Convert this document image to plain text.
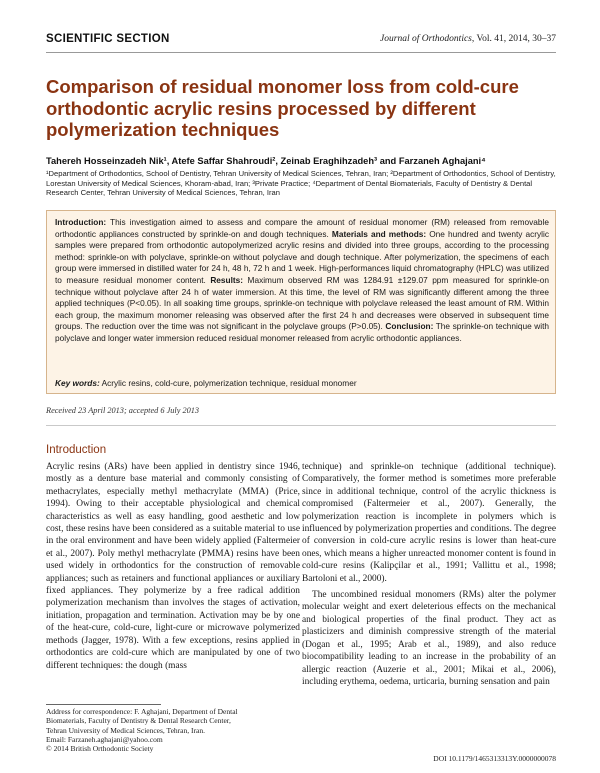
SCIENTIFIC SECTION	Journal of Orthodontics, Vol. 41, 2014, 30–37
Comparison of residual monomer loss from cold-cure orthodontic acrylic resins processed by different polymerization techniques
Tahereh Hosseinzadeh Nik¹, Atefe Saffar Shahroudi², Zeinab Eraghihzadeh³ and Farzaneh Aghajani⁴
¹Department of Orthodontics, School of Dentistry, Tehran University of Medical Sciences, Tehran, Iran; ²Department of Orthodontics, School of Dentistry, Lorestan University of Medical Sciences, Khoram-abad, Iran; ³Private Practice; ⁴Department of Dental Biomaterials, Faculty of Dentistry & Dental Research Center, Tehran University of Medical Sciences, Tehran, Iran

Introduction: This investigation aimed to assess and compare the amount of residual monomer (RM) released from removable orthodontic appliances constructed by sprinkle-on and dough techniques. Materials and methods: One hundred and twenty acrylic samples were prepared from orthodontic autopolymerized acrylic resins and divided into three groups, according to the processing method: sprinkle-on with polyclave, sprinkle-on without polyclave and dough technique. After polymerization, the specimens of each group were immersed in distilled water for 24 h, 48 h, 72 h and 1 week. High-performances liquid chromatography (HPLC) was utilized to measure residual monomer content. Results: Maximum observed RM was 1284.91 ±129.07 ppm measured for sprinkle-on technique without polyclave after 24 h of water immersion. At this time, the level of RM was significantly different among the three applied techniques (P<0.05). In all soaking time groups, sprinkle-on technique with polyclave released the least amount of RM. Within each group, the maximum monomer releasing was observed after the first 24 h and decreases were observed in subsequent time groups. The reduction over the time was not significant in the polyclave groups (P>0.05). Conclusion: The sprinkle-on technique with polyclave and longer water immersion reduced residual monomer released from acrylic orthodontic appliances.

Key words: Acrylic resins, cold-cure, polymerization technique, residual monomer
Received 23 April 2013; accepted 6 July 2013
Introduction

Acrylic resins (ARs) have been applied in dentistry since 1946, mostly as a denture base material and commonly consisting of methacrylates, especially methyl methacrylate (MMA) (Price, 1994). Owing to their acceptable physiological and chemical characteristics as well as easy handling, good aesthetic and low cost, these resins have been considered as a suitable material to use in the oral environment and have been widely applied (Faltermeier et al., 2007). Poly methyl methacrylate (PMMA) resins have been used widely in orthodontics for the construction of removable appliances; such as retainers and functional appliances or auxiliary fixed appliances. They polymerize by a free radical addition polymerization mechanism than involves the stages of activation, initiation, propagation and termination. Activation may be by one of the heat-cure, cold-cure, light-cure or microwave polymerized methods (Jagger, 1978). With a few exceptions, resins applied in orthodontics are cold-cure which are manipulated by one of two different techniques: the dough (mass

technique) and sprinkle-on technique (additional technique). Comparatively, the former method is sometimes more preferable since in additional technique, control of the acrylic thickness is compromised (Faltermeier et al., 2007). Generally, the polymerization reaction is incomplete in polymers which is influenced by polymerization properties and conditions. The degree of conversion in cold-cure acrylic resins is lower than heat-cure ones, which means a higher unreacted monomer content is found in cold-cure resins (Kalipçilar et al., 1991; Vallittu et al., 1998; Bartoloni et al., 2000).

The uncombined residual monomers (RMs) alter the polymer molecular weight and exert deleterious effects on the mechanical and biological properties of the final product. They act as plasticizers and diminish compressive strength of the material (Dogan et al., 1995; Arab et al., 1989), and also reduce biocompatibility leading to an increase in the probability of an allergic reaction (Auzerie et al., 2001; Mikai et al., 2006), including erythema, oedema, urticaria, burning sensation and pain

Address for correspondence: F. Aghajani, Department of Dental
Biomaterials, Faculty of Dentistry & Dental Research Center,
Tehran University of Medical Sciences, Tehran, Iran.
Email: Farzaneh.aghajani@yahoo.com
© 2014 British Orthodontic Society
DOI 10.1179/1465313313Y.0000000078
